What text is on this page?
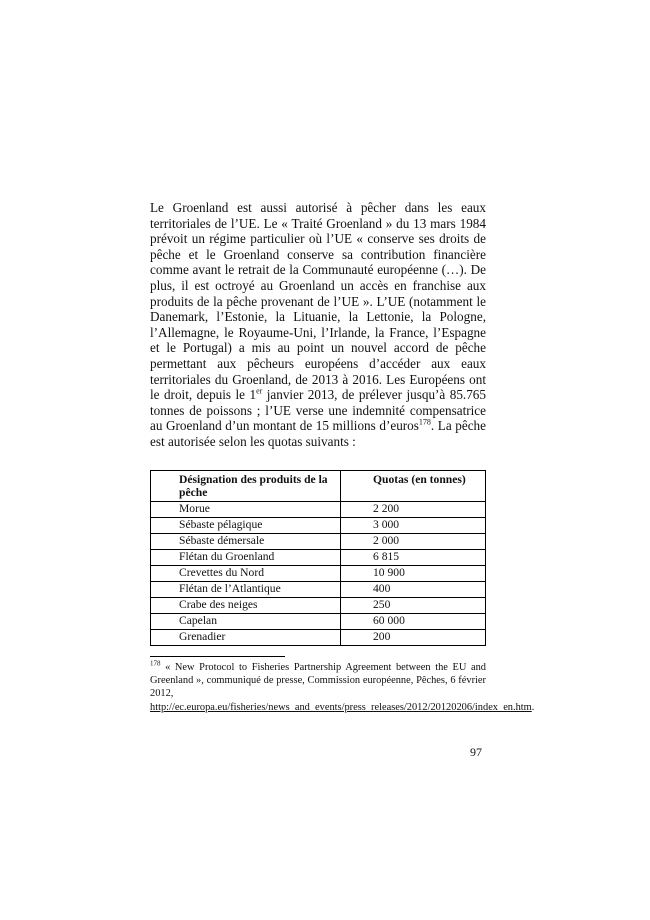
Le Groenland est aussi autorisé à pêcher dans les eaux territoriales de l’UE. Le « Traité Groenland » du 13 mars 1984 prévoit un régime particulier où l’UE « conserve ses droits de pêche et le Groenland conserve sa contribution financière comme avant le retrait de la Communauté européenne (…). De plus, il est octroyé au Groenland un accès en franchise aux produits de la pêche provenant de l’UE ». L’UE (notamment le Danemark, l’Estonie, la Lituanie, la Lettonie, la Pologne, l’Allemagne, le Royaume-Uni, l’Irlande, la France, l’Espagne et le Portugal) a mis au point un nouvel accord de pêche permettant aux pêcheurs européens d’accéder aux eaux territoriales du Groenland, de 2013 à 2016. Les Européens ont le droit, depuis le 1er janvier 2013, de prélever jusqu’à 85.765 tonnes de poissons ; l’UE verse une indemnité compensatrice au Groenland d’un montant de 15 millions d’euros$^{178}$. La pêche est autorisée selon les quotas suivants :

Désignation des produits de la pêche	Quotas (en tonnes)
Morue	2 200
Sébaste pélagique	3 000
Sébaste démersale	2 000
Flétan du Groenland	6 815
Crevettes du Nord	10 900
Flétan de l’Atlantique	400
Crabe des neiges	250
Capelan	60 000
Grenadier	200
$^{178}$ « New Protocol to Fisheries Partnership Agreement between the EU and Greenland », communiqué de presse, Commission européenne, Pêches, 6 février 2012, http://ec.europa.eu/fisheries/news_and_events/press_releases/2012/20120206/index_en.htm.
97
